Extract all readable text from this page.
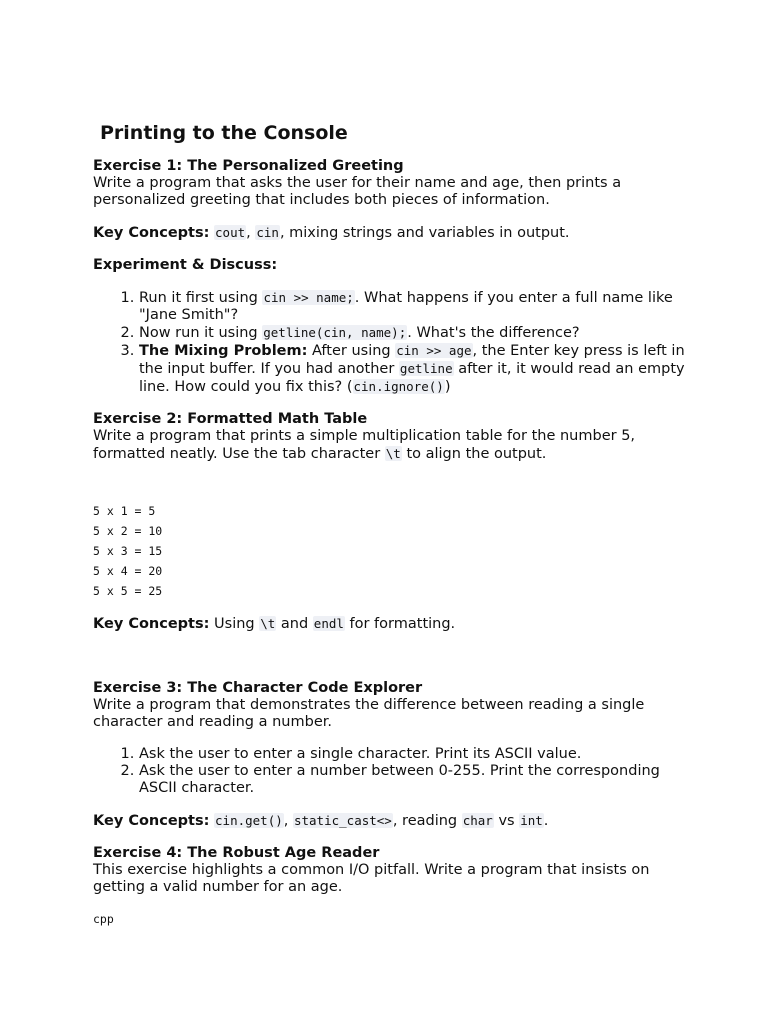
Printing to the Console
Exercise 1: The Personalized Greeting

Write a program that asks the user for their name and age, then prints a personalized greeting that includes both pieces of information.

Key Concepts: cout, cin, mixing strings and variables in output.

Experiment & Discuss:

1. Run it first using cin >> name;. What happens if you enter a full name like "Jane Smith"?
2. Now run it using getline(cin, name);. What's the difference?
3. The Mixing Problem: After using cin >> age, the Enter key press is left in the input buffer. If you had another getline after it, it would read an empty line. How could you fix this? (cin.ignore())
Exercise 2: Formatted Math Table

Write a program that prints a simple multiplication table for the number 5, formatted neatly. Use the tab character \t to align the output.

5 x 1 = 5
5 x 2 = 10
5 x 3 = 15
5 x 4 = 20
5 x 5 = 25

Key Concepts: Using \t and endl for formatting.

Exercise 3: The Character Code Explorer

Write a program that demonstrates the difference between reading a single character and reading a number.

1. Ask the user to enter a single character. Print its ASCII value.
2. Ask the user to enter a number between 0-255. Print the corresponding ASCII character.

Key Concepts: cin.get(), static_cast<>, reading char vs int.

Exercise 4: The Robust Age Reader

This exercise highlights a common I/O pitfall. Write a program that insists on getting a valid number for an age.

cpp
